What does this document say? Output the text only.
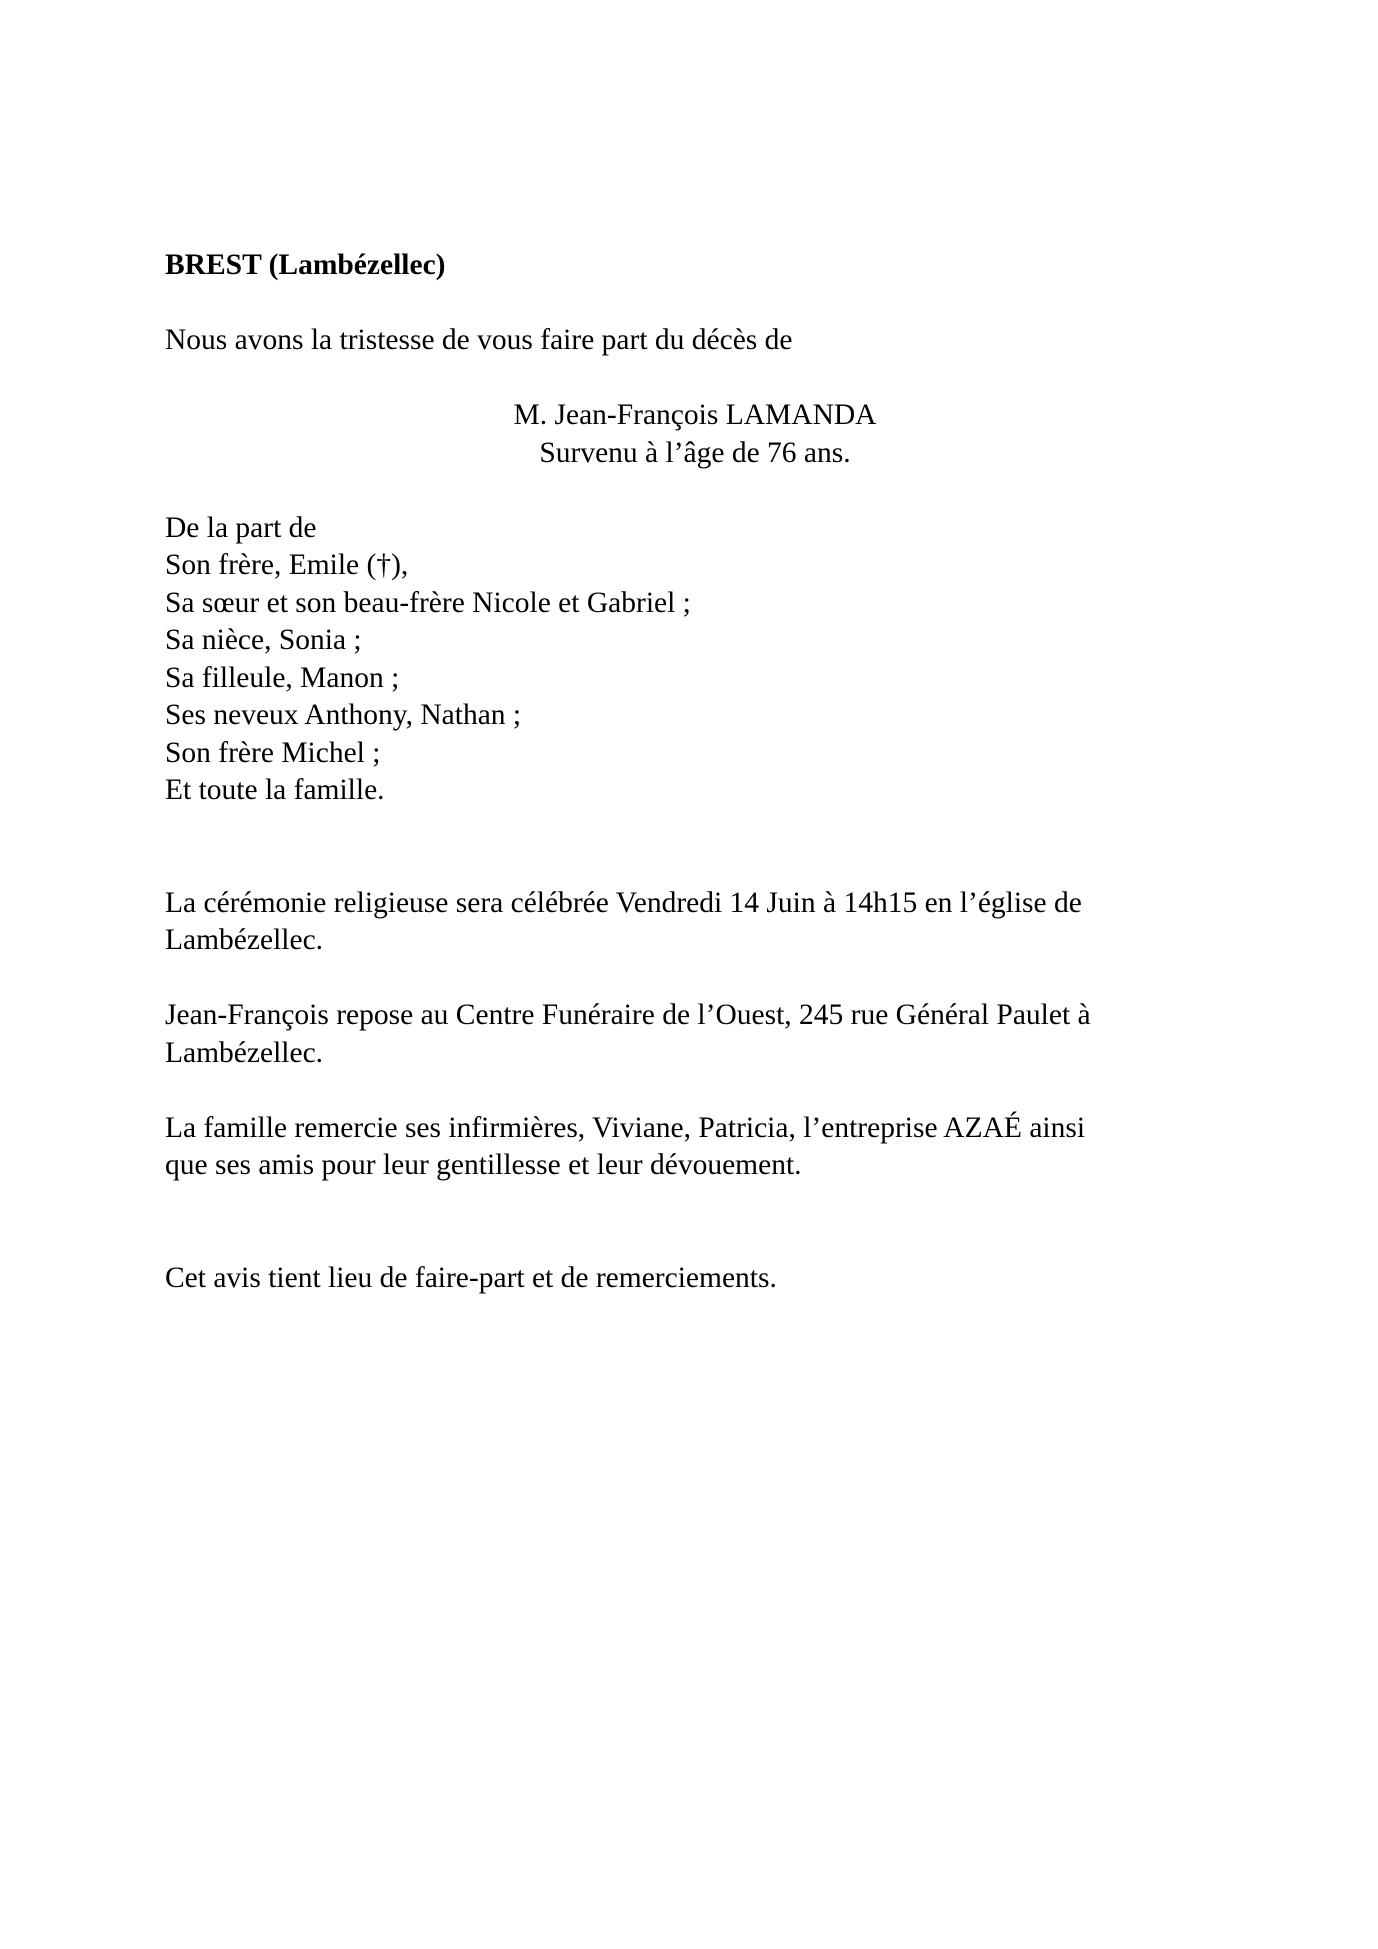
BREST (Lambézellec)

Nous avons la tristesse de vous faire part du décès de

M. Jean-François LAMANDA
Survenu à l’âge de 76 ans.
De la part de
Son frère, Emile (†),
Sa sœur et son beau-frère Nicole et Gabriel ;
Sa nièce, Sonia ;
Sa filleule, Manon ;
Ses neveux Anthony, Nathan ;
Son frère Michel ;
Et toute la famille.
La cérémonie religieuse sera célébrée Vendredi 14 Juin à 14h15 en l’église de
Lambézellec.
Jean-François repose au Centre Funéraire de l’Ouest, 245 rue Général Paulet à
Lambézellec.
La famille remercie ses infirmières, Viviane, Patricia, l’entreprise AZAÉ ainsi
que ses amis pour leur gentillesse et leur dévouement.

Cet avis tient lieu de faire-part et de remerciements.
